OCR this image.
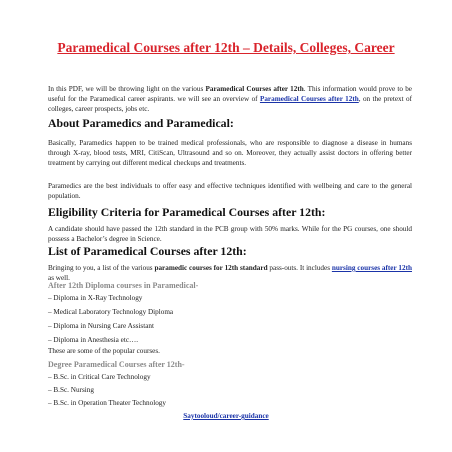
Paramedical Courses after 12th – Details, Colleges, Career

In this PDF, we will be throwing light on the various Paramedical Courses after 12th. This information would prove to be useful for the Paramedical career aspirants. we will see an overview of Paramedical Courses after 12th, on the pretext of colleges, career prospects, jobs etc.

About Paramedics and Paramedical:

Basically, Paramedics happen to be trained medical professionals, who are responsible to diagnose a disease in humans through X-ray, blood tests, MRI, CitiScan, Ultrasound and so on. Moreover, they actually assist doctors in offering better treatment by carrying out different medical checkups and treatments.

Paramedics are the best individuals to offer easy and effective techniques identified with wellbeing and care to the general population.

Eligibility Criteria for Paramedical Courses after 12th:

A candidate should have passed the 12th standard in the PCB group with 50% marks. While for the PG courses, one should possess a Bachelor’s degree in Science.

List of Paramedical Courses after 12th:

Bringing to you, a list of the various paramedic courses for 12th standard pass-outs. It includes nursing courses after 12th as well.

After 12th Diploma courses in Paramedical-

– Diploma in X-Ray Technology

– Medical Laboratory Technology Diploma

– Diploma in Nursing Care Assistant

– Diploma in Anesthesia etc….

These are some of the popular courses.

Degree Paramedical Courses after 12th-

– B.Sc. in Critical Care Technology

– B.Sc. Nursing

– B.Sc. in Operation Theater Technology

Saytooloud/career-guidance
